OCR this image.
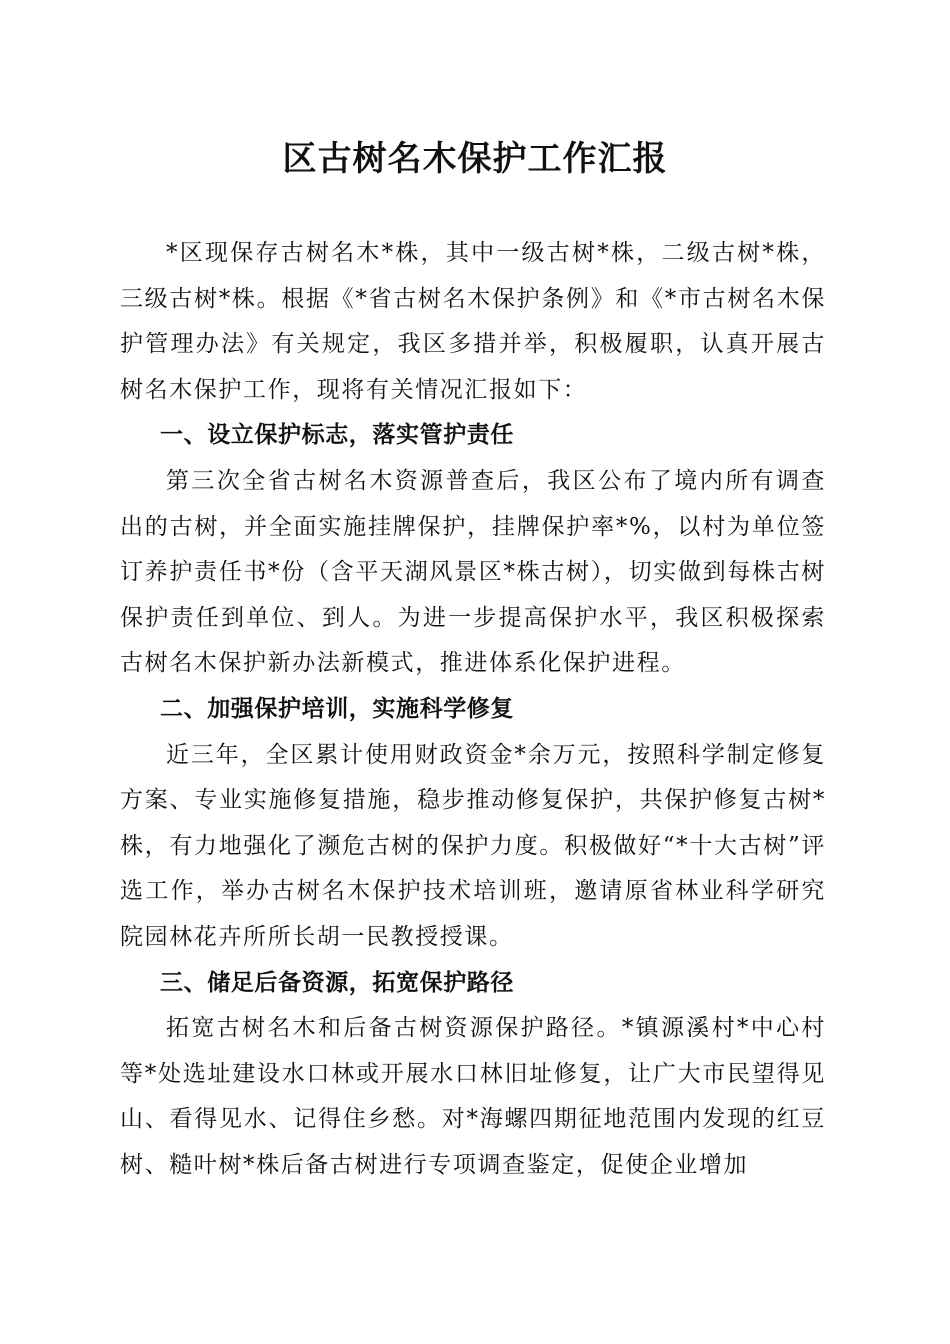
区古树名木保护工作汇报

*区现保存古树名木*株，其中一级古树*株，二级古树*株，三级古树*株。根据《*省古树名木保护条例》和《*市古树名木保护管理办法》有关规定，我区多措并举，积极履职，认真开展古树名木保护工作，现将有关情况汇报如下：

一、设立保护标志，落实管护责任

第三次全省古树名木资源普查后，我区公布了境内所有调查出的古树，并全面实施挂牌保护，挂牌保护率*%，以村为单位签订养护责任书*份（含平天湖风景区*株古树），切实做到每株古树保护责任到单位、到人。为进一步提高保护水平，我区积极探索古树名木保护新办法新模式，推进体系化保护进程。

二、加强保护培训，实施科学修复

近三年，全区累计使用财政资金*余万元，按照科学制定修复方案、专业实施修复措施，稳步推动修复保护，共保护修复古树*株，有力地强化了濒危古树的保护力度。积极做好“*十大古树”评选工作，举办古树名木保护技术培训班，邀请原省林业科学研究院园林花卉所所长胡一民教授授课。

三、储足后备资源，拓宽保护路径

拓宽古树名木和后备古树资源保护路径。*镇源溪村*中心村等*处选址建设水口林或开展水口林旧址修复，让广大市民望得见山、看得见水、记得住乡愁。对*海螺四期征地范围内发现的红豆树、糙叶树*株后备古树进行专项调查鉴定，促使企业增加
